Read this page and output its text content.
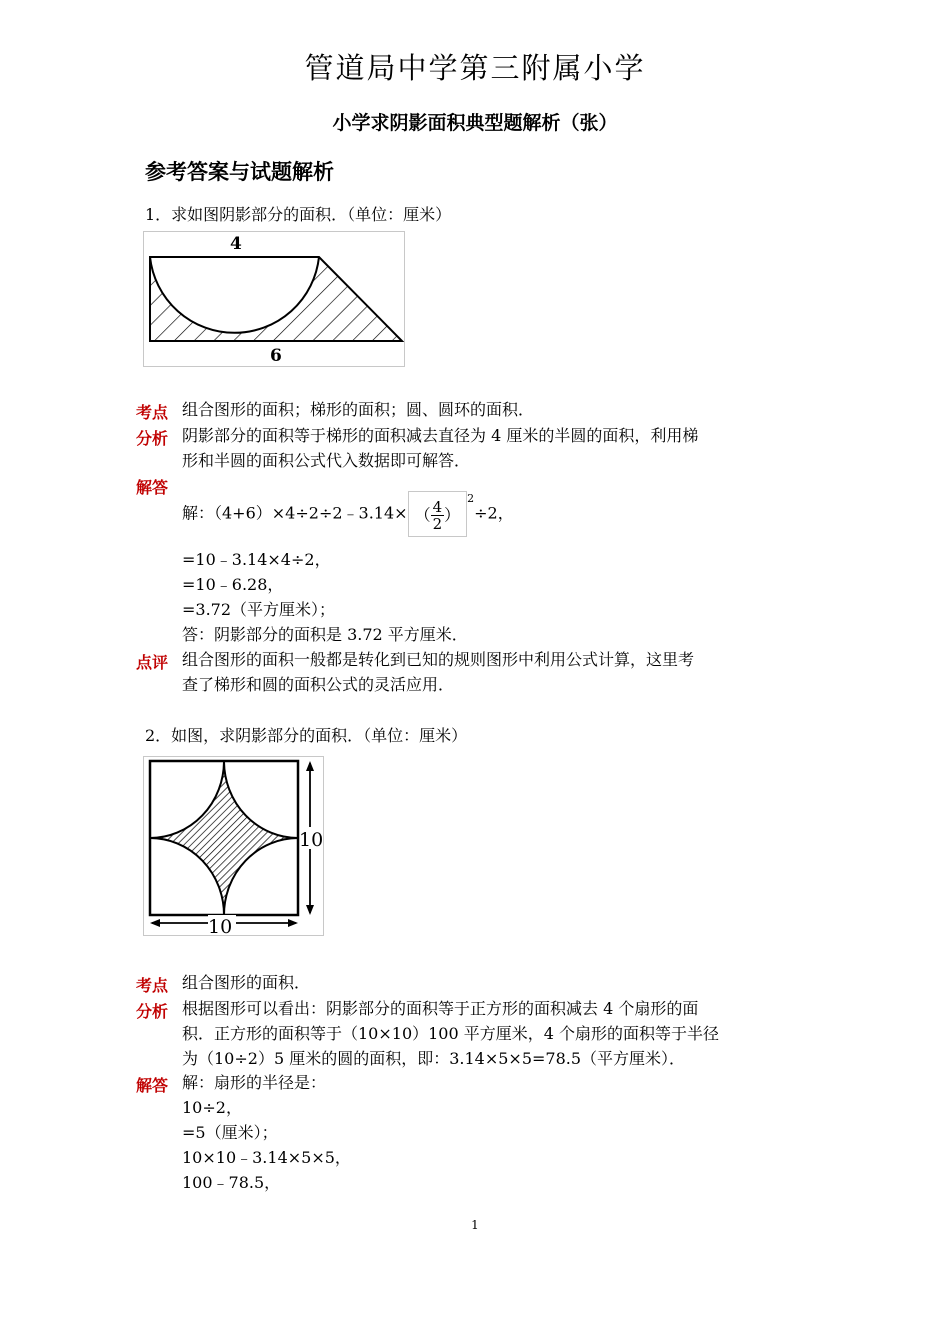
管道局中学第三附属小学
小学求阴影面积典型题解析（张）
参考答案与试题解析
1．求如图阴影部分的面积．（单位：厘米）
4
6
考点 组合图形的面积；梯形的面积；圆、圆环的面积．
分析 阴影部分的面积等于梯形的面积减去直径为 4 厘米的半圆的面积，利用梯
形和半圆的面积公式代入数据即可解答．
解答
解：（4+6）×4÷2÷2﹣3.14× （ $\frac{4}{2} )^2\div 2$，
=10﹣3.14×4÷2，
=10﹣6.28，
=3.72（平方厘米）；
答：阴影部分的面积是 3.72 平方厘米．
点评 组合图形的面积一般都是转化到已知的规则图形中利用公式计算，这里考
查了梯形和圆的面积公式的灵活应用．
2．如图，求阴影部分的面积．（单位：厘米）
10
10
考点 组合图形的面积．
分析 根据图形可以看出：阴影部分的面积等于正方形的面积减去 4 个扇形的面
积．正方形的面积等于（10×10）100 平方厘米，4 个扇形的面积等于半径
为（10÷2）5 厘米的圆的面积，即：3.14×5×5=78.5（平方厘米）．
解答 解：扇形的半径是：
10÷2，
=5（厘米）；
10×10﹣3.14×5×5，
100﹣78.5，
1
